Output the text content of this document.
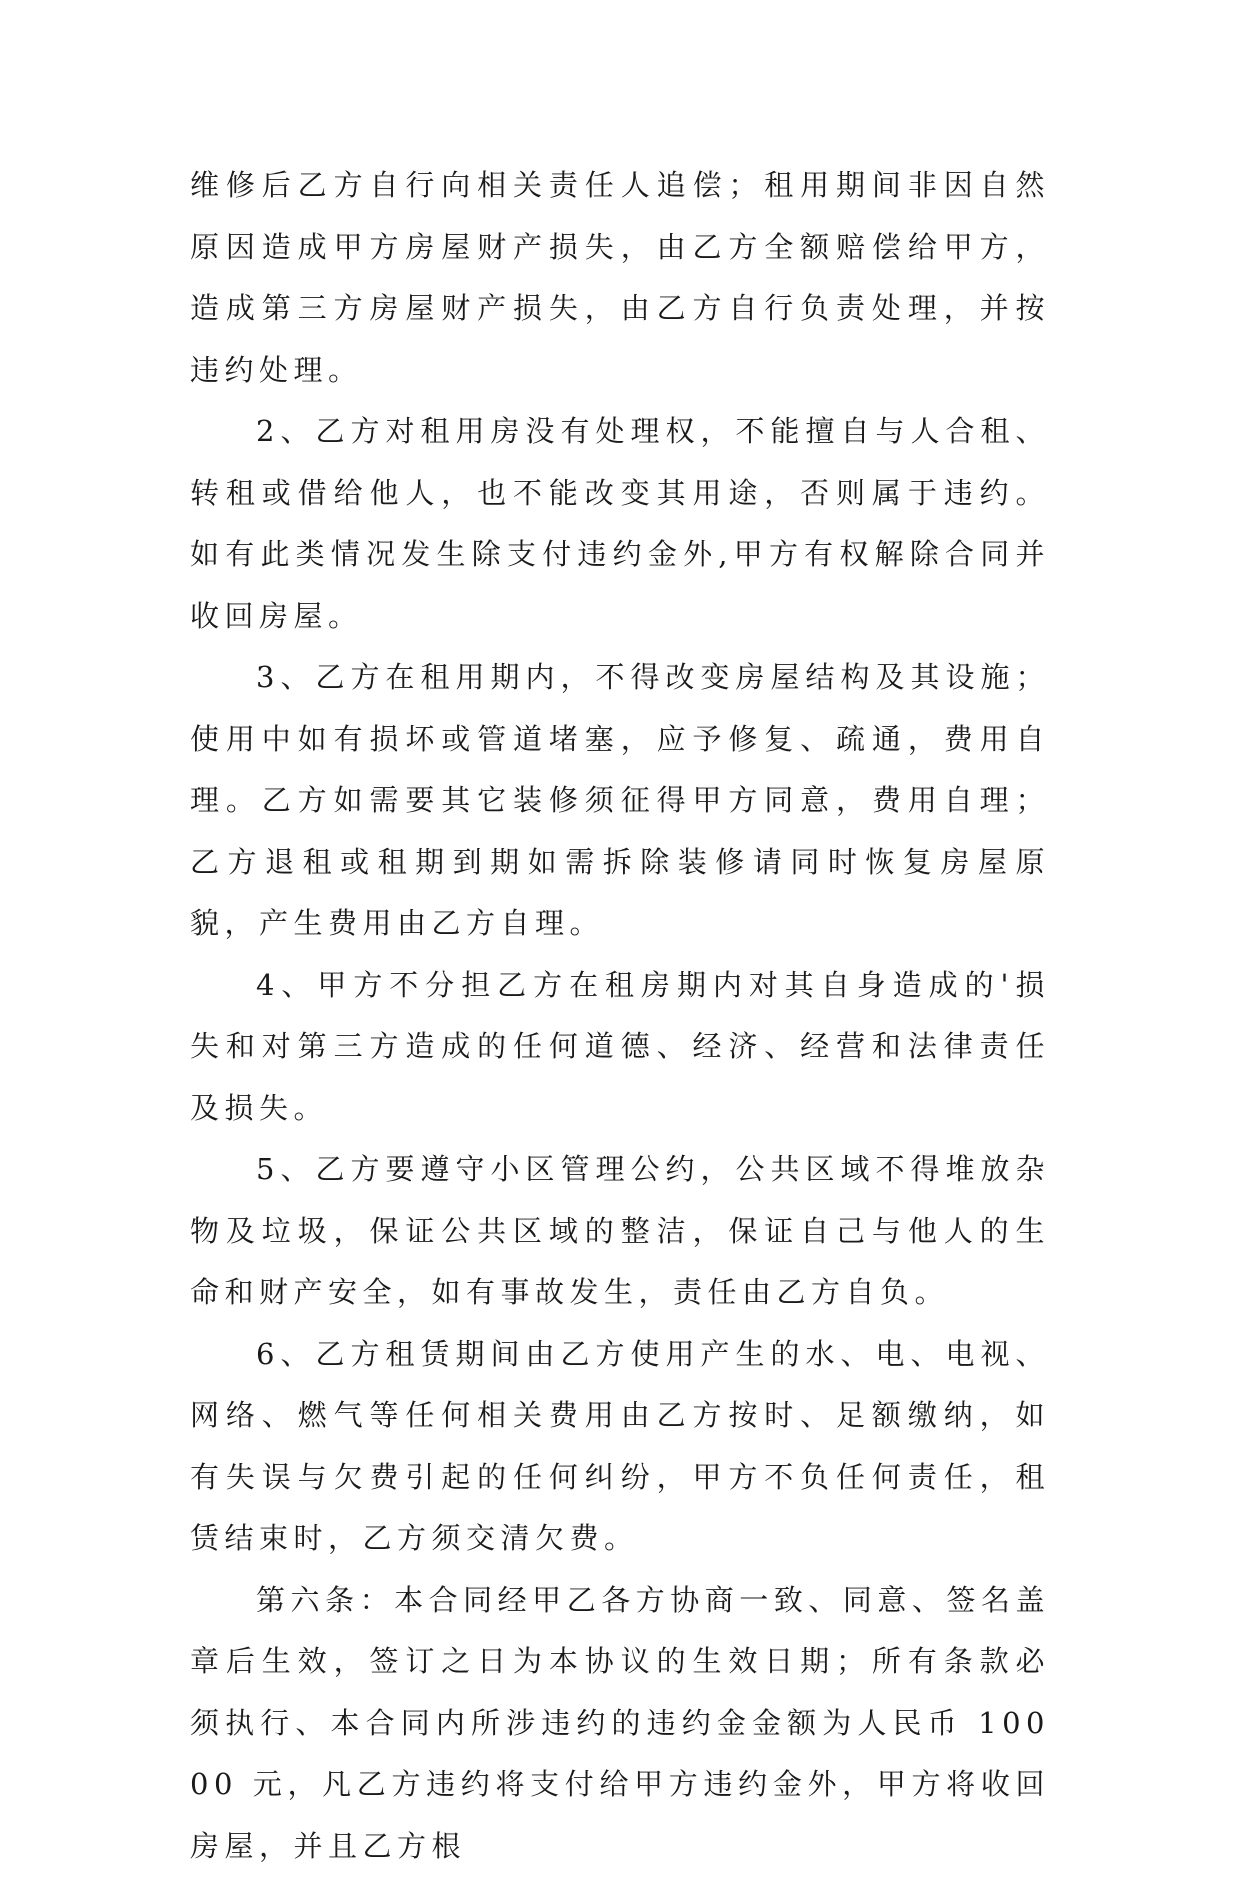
维修后乙方自行向相关责任人追偿；租用期间非因自然原因造成甲方房屋财产损失，由乙方全额赔偿给甲方，造成第三方房屋财产损失，由乙方自行负责处理，并按违约处理。

2、乙方对租用房没有处理权，不能擅自与人合租、转租或借给他人，也不能改变其用途，否则属于违约。如有此类情况发生除支付违约金外,甲方有权解除合同并收回房屋。

3、乙方在租用期内，不得改变房屋结构及其设施；使用中如有损坏或管道堵塞，应予修复、疏通，费用自理。乙方如需要其它装修须征得甲方同意，费用自理；乙方退租或租期到期如需拆除装修请同时恢复房屋原貌，产生费用由乙方自理。

4、甲方不分担乙方在租房期内对其自身造成的'损失和对第三方造成的任何道德、经济、经营和法律责任及损失。

5、乙方要遵守小区管理公约，公共区域不得堆放杂物及垃圾，保证公共区域的整洁，保证自己与他人的生命和财产安全，如有事故发生，责任由乙方自负。

6、乙方租赁期间由乙方使用产生的水、电、电视、网络、燃气等任何相关费用由乙方按时、足额缴纳，如有失误与欠费引起的任何纠纷，甲方不负任何责任，租赁结束时，乙方须交清欠费。

第六条：本合同经甲乙各方协商一致、同意、签名盖章后生效，签订之日为本协议的生效日期；所有条款必须执行、本合同内所涉违约的违约金金额为人民币 10000 元，凡乙方违约将支付给甲方违约金外，甲方将收回房屋，并且乙方根
